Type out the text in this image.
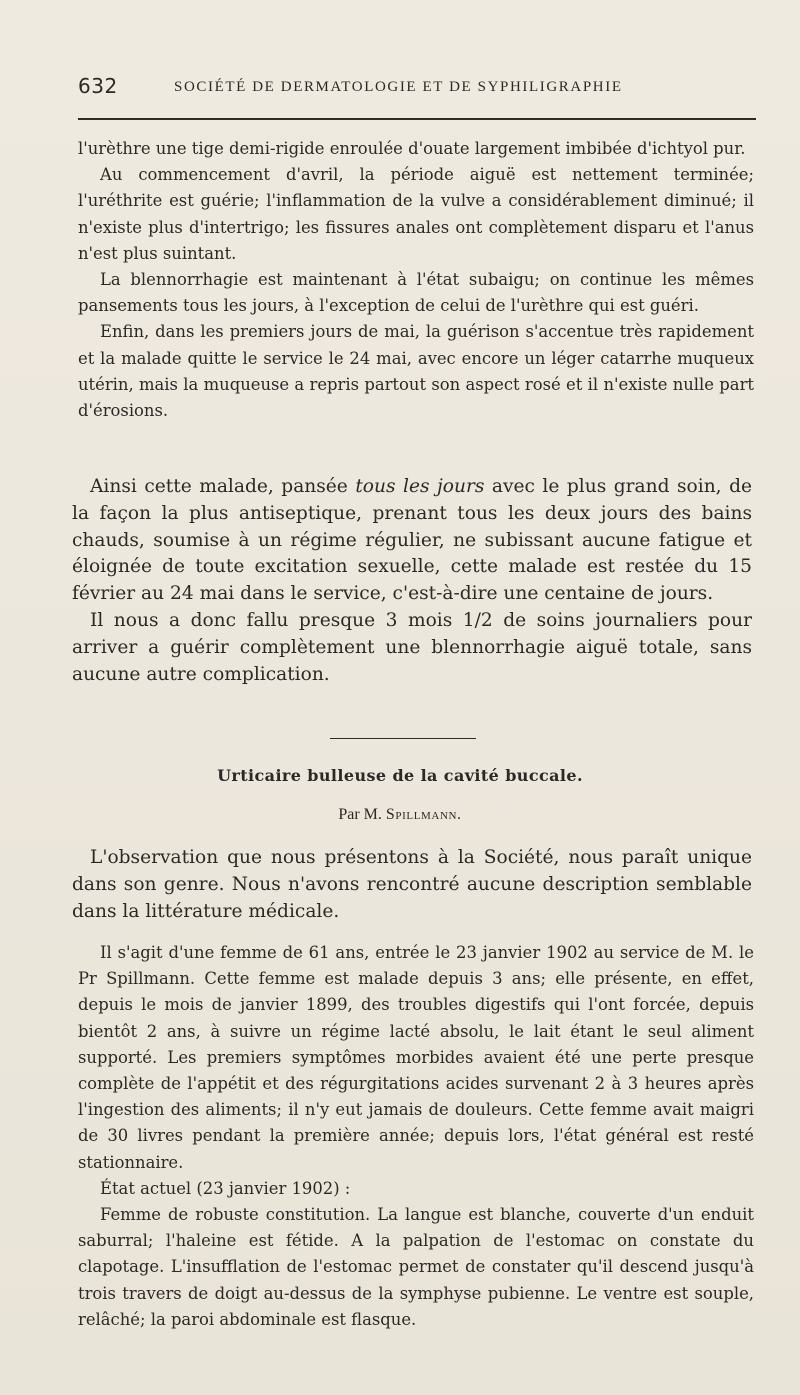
632	SOCIÉTÉ DE DERMATOLOGIE ET DE SYPHILIGRAPHIE

l'urèthre une tige demi-rigide enroulée d'ouate largement imbibée d'ichtyol pur.

Au commencement d'avril, la période aiguë est nettement terminée; l'uréthrite est guérie; l'inflammation de la vulve a considérablement diminué; il n'existe plus d'intertrigo; les fissures anales ont complètement disparu et l'anus n'est plus suintant.

La blennorrhagie est maintenant à l'état subaigu; on continue les mêmes pansements tous les jours, à l'exception de celui de l'urèthre qui est guéri.

Enfin, dans les premiers jours de mai, la guérison s'accentue très rapidement et la malade quitte le service le 24 mai, avec encore un léger catarrhe muqueux utérin, mais la muqueuse a repris partout son aspect rosé et il n'existe nulle part d'érosions.

Ainsi cette malade, pansée tous les jours avec le plus grand soin, de la façon la plus antiseptique, prenant tous les deux jours des bains chauds, soumise à un régime régulier, ne subissant aucune fatigue et éloignée de toute excitation sexuelle, cette malade est restée du 15 février au 24 mai dans le service, c'est-à-dire une centaine de jours.

Il nous a donc fallu presque 3 mois 1/2 de soins journaliers pour arriver a guérir complètement une blennorrhagie aiguë totale, sans aucune autre complication.

Urticaire bulleuse de la cavité buccale.
Par M. Spillmann.

L'observation que nous présentons à la Société, nous paraît unique dans son genre. Nous n'avons rencontré aucune description semblable dans la littérature médicale.

Il s'agit d'une femme de 61 ans, entrée le 23 janvier 1902 au service de M. le Pr Spillmann. Cette femme est malade depuis 3 ans; elle présente, en effet, depuis le mois de janvier 1899, des troubles digestifs qui l'ont forcée, depuis bientôt 2 ans, à suivre un régime lacté absolu, le lait étant le seul aliment supporté. Les premiers symptômes morbides avaient été une perte presque complète de l'appétit et des régurgitations acides survenant 2 à 3 heures après l'ingestion des aliments; il n'y eut jamais de douleurs. Cette femme avait maigri de 30 livres pendant la première année; depuis lors, l'état général est resté stationnaire.

État actuel (23 janvier 1902) :

Femme de robuste constitution. La langue est blanche, couverte d'un enduit saburral; l'haleine est fétide. A la palpation de l'estomac on constate du clapotage. L'insufflation de l'estomac permet de constater qu'il descend jusqu'à trois travers de doigt au-dessus de la symphyse pubienne. Le ventre est souple, relâché; la paroi abdominale est flasque.
